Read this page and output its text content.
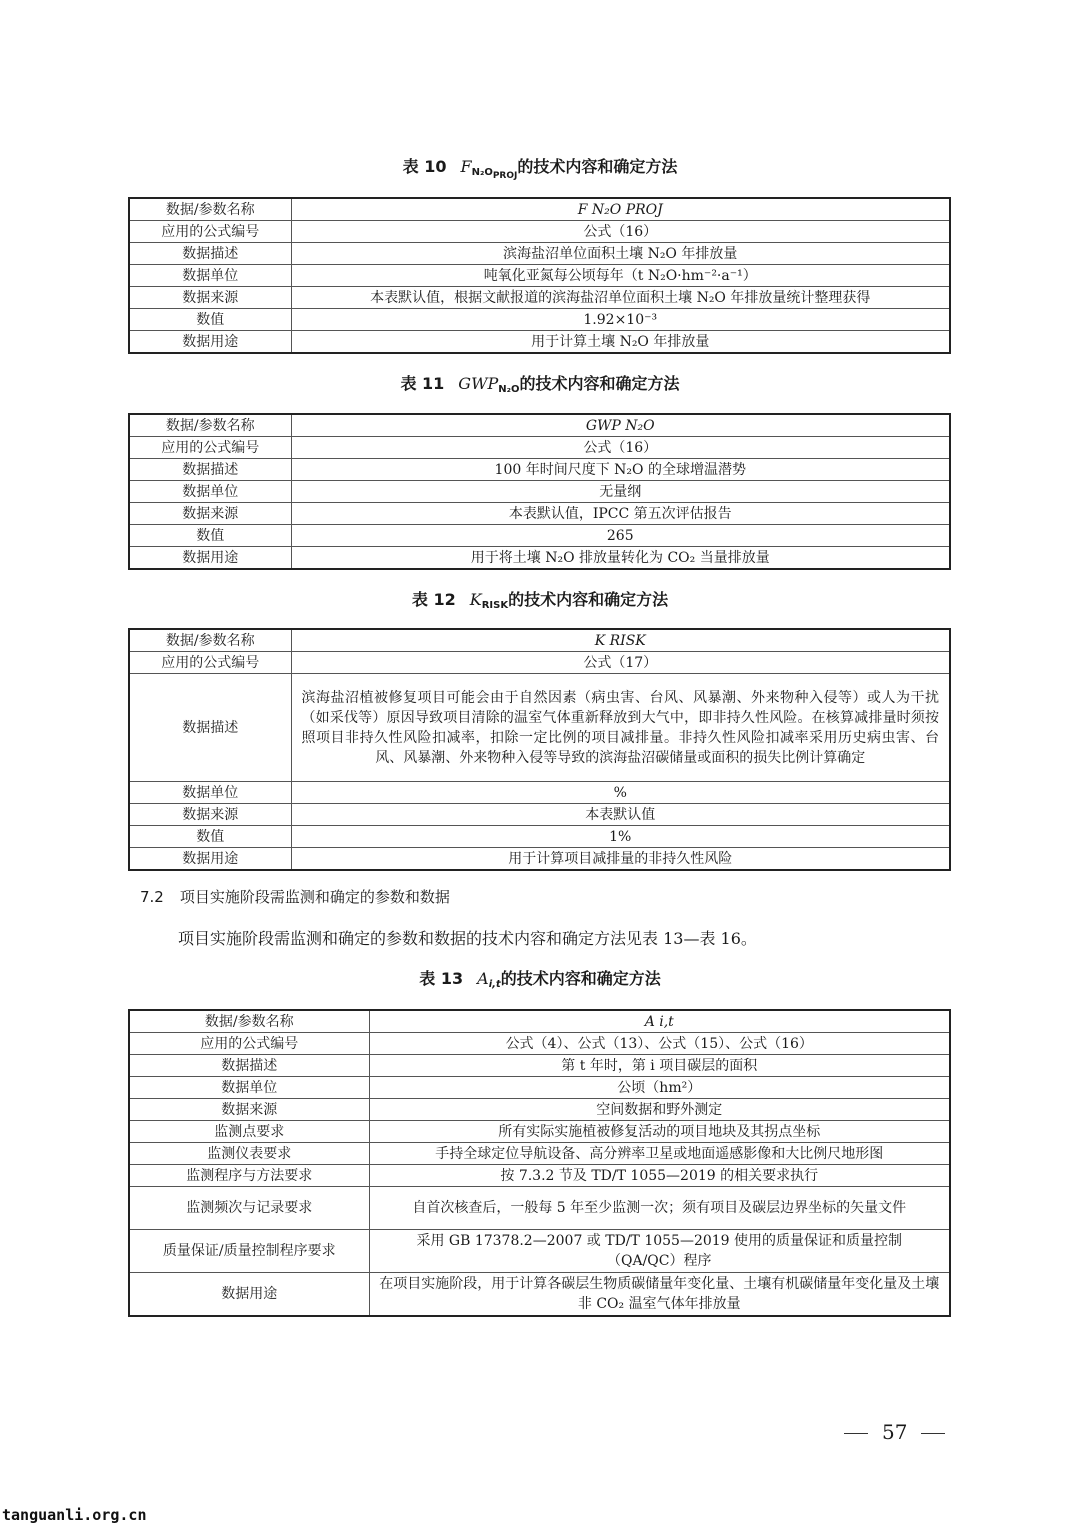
表 10 $F_{N_2OPROJ}$的技术内容和确定方法
数据/参数名称	F N₂O PROJ
应用的公式编号	公式（16）
数据描述	滨海盐沼单位面积土壤 N₂O 年排放量
数据单位	吨氧化亚氮每公顷每年（t N₂O·hm⁻²·a⁻¹）
数据来源	本表默认值，根据文献报道的滨海盐沼单位面积土壤 N₂O 年排放量统计整理获得
数值	1.92×10⁻³
数据用途	用于计算土壤 N₂O 年排放量
表 11 $GWP_{N_2O}$的技术内容和确定方法
数据/参数名称	GWP N₂O
应用的公式编号	公式（16）
数据描述	100 年时间尺度下 N₂O 的全球增温潜势
数据单位	无量纲
数据来源	本表默认值，IPCC 第五次评估报告
数值	265
数据用途	用于将土壤 N₂O 排放量转化为 CO₂ 当量排放量
表 12 $K_{RISK}$的技术内容和确定方法
数据/参数名称	K RISK
应用的公式编号	公式（17）
数据描述	滨海盐沼植被修复项目可能会由于自然因素（病虫害、台风、风暴潮、外来物种入侵等）或人为干扰（如采伐等）原因导致项目清除的温室气体重新释放到大气中，即非持久性风险。在核算减排量时须按照项目非持久性风险扣减率，扣除一定比例的项目减排量。非持久性风险扣减率采用历史病虫害、台风、风暴潮、外来物种入侵等导致的滨海盐沼碳储量或面积的损失比例计算确定
数据单位	%
数据来源	本表默认值
数值	1%
数据用途	用于计算项目减排量的非持久性风险
7.2 项目实施阶段需监测和确定的参数和数据
项目实施阶段需监测和确定的参数和数据的技术内容和确定方法见表 13—表 16。
表 13 $A_{i,t}$的技术内容和确定方法
数据/参数名称	A i,t
应用的公式编号	公式（4）、公式（13）、公式（15）、公式（16）
数据描述	第 t 年时，第 i 项目碳层的面积
数据单位	公顷（hm²）
数据来源	空间数据和野外测定
监测点要求	所有实际实施植被修复活动的项目地块及其拐点坐标
监测仪表要求	手持全球定位导航设备、高分辨率卫星或地面遥感影像和大比例尺地形图
监测程序与方法要求	按 7.3.2 节及 TD/T 1055—2019 的相关要求执行
监测频次与记录要求	自首次核查后，一般每 5 年至少监测一次；须有项目及碳层边界坐标的矢量文件
质量保证/质量控制程序要求	采用 GB 17378.2—2007 或 TD/T 1055—2019 使用的质量保证和质量控制（QA/QC）程序
数据用途	在项目实施阶段，用于计算各碳层生物质碳储量年变化量、土壤有机碳储量年变化量及土壤非 CO₂ 温室气体年排放量
57
tanguanli.org.cn
